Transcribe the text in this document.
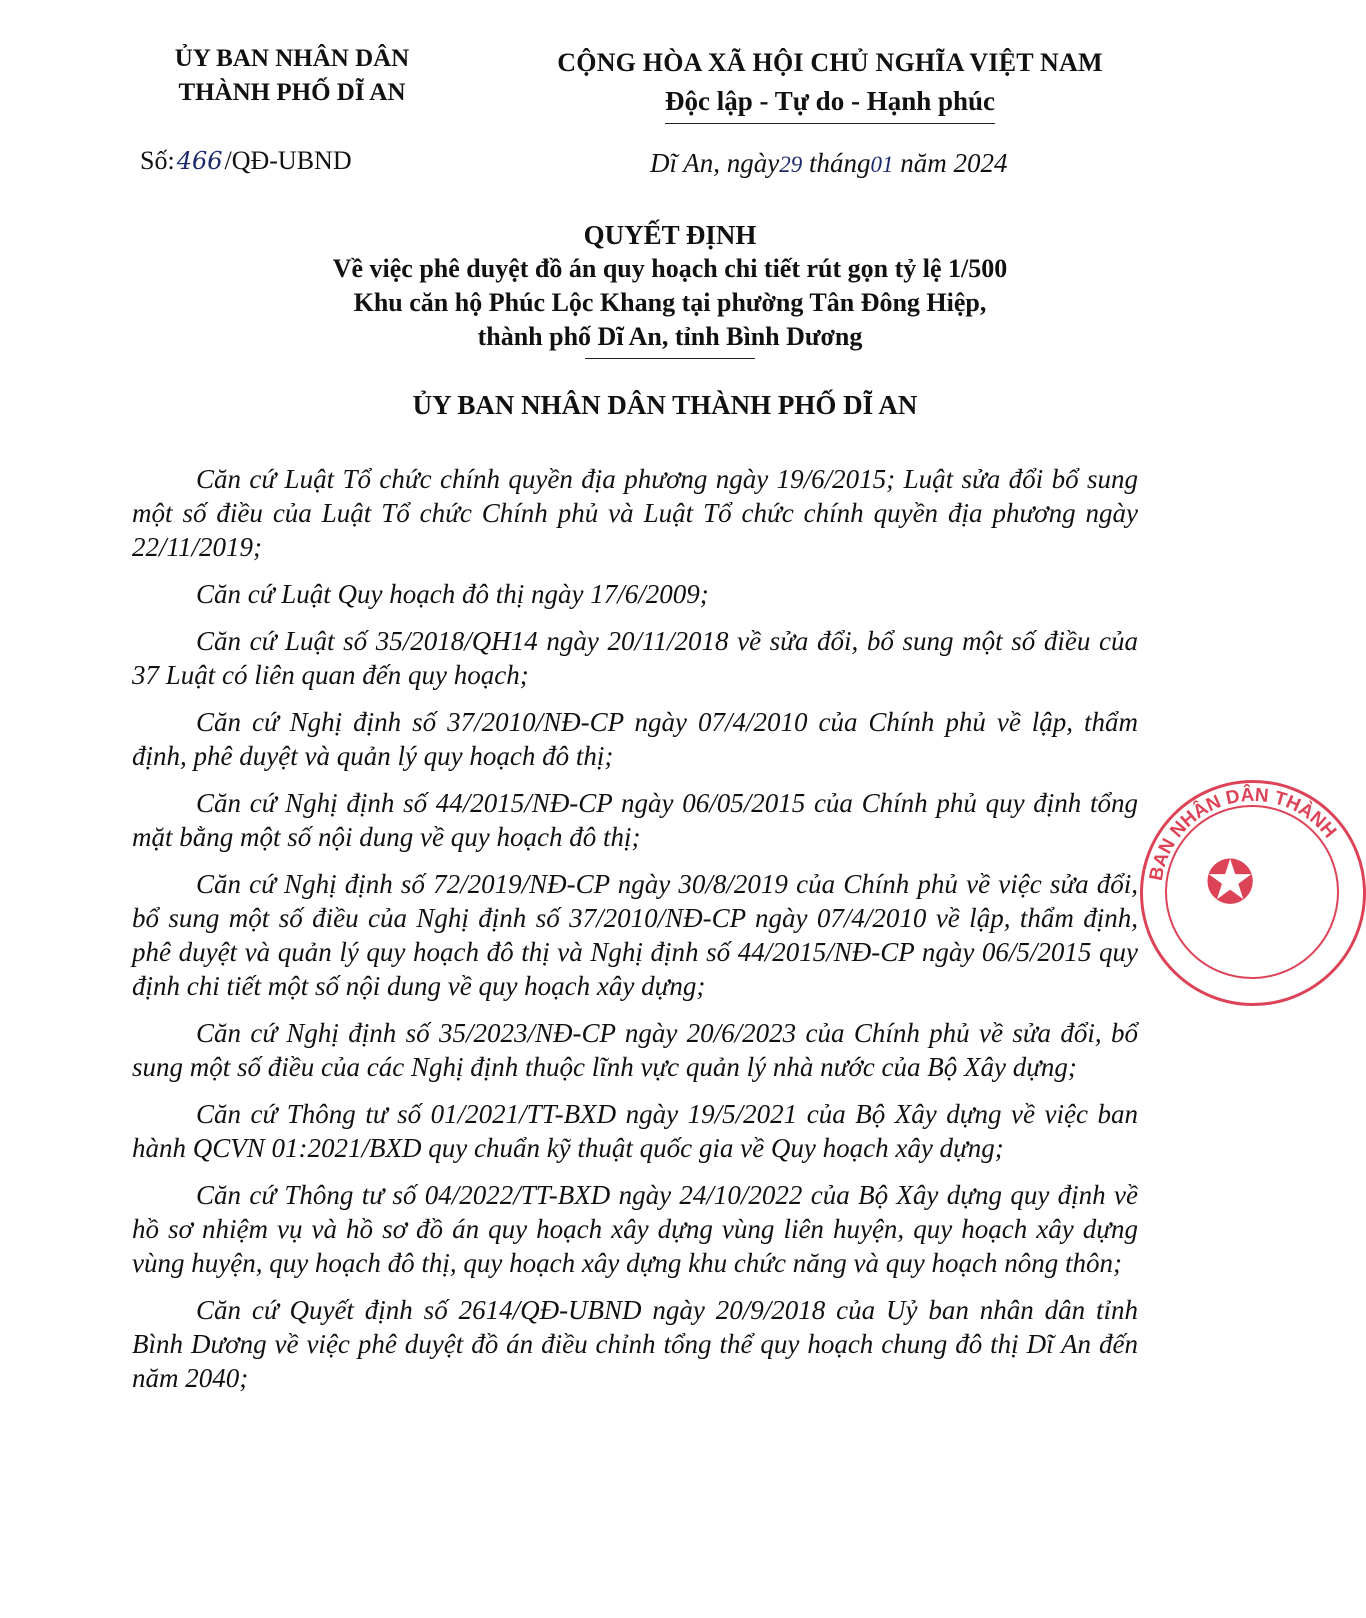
ỦY BAN NHÂN DÂN
THÀNH PHỐ DĨ AN
CỘNG HÒA XÃ HỘI CHỦ NGHĨA VIỆT NAM
Độc lập - Tự do - Hạnh phúc
Số:466/QĐ-UBND	Dĩ An, ngày29 tháng01 năm 2024
QUYẾT ĐỊNH
Về việc phê duyệt đồ án quy hoạch chi tiết rút gọn tỷ lệ 1/500
Khu căn hộ Phúc Lộc Khang tại phường Tân Đông Hiệp,
thành phố Dĩ An, tỉnh Bình Dương
ỦY BAN NHÂN DÂN THÀNH PHỐ DĨ AN

Căn cứ Luật Tổ chức chính quyền địa phương ngày 19/6/2015; Luật sửa đổi bổ sung một số điều của Luật Tổ chức Chính phủ và Luật Tổ chức chính quyền địa phương ngày 22/11/2019;

Căn cứ Luật Quy hoạch đô thị ngày 17/6/2009;

Căn cứ Luật số 35/2018/QH14 ngày 20/11/2018 về sửa đổi, bổ sung một số điều của 37 Luật có liên quan đến quy hoạch;

Căn cứ Nghị định số 37/2010/NĐ-CP ngày 07/4/2010 của Chính phủ về lập, thẩm định, phê duyệt và quản lý quy hoạch đô thị;

Căn cứ Nghị định số 44/2015/NĐ-CP ngày 06/05/2015 của Chính phủ quy định tổng mặt bằng một số nội dung về quy hoạch đô thị;

Căn cứ Nghị định số 72/2019/NĐ-CP ngày 30/8/2019 của Chính phủ về việc sửa đổi, bổ sung một số điều của Nghị định số 37/2010/NĐ-CP ngày 07/4/2010 về lập, thẩm định, phê duyệt và quản lý quy hoạch đô thị và Nghị định số 44/2015/NĐ-CP ngày 06/5/2015 quy định chi tiết một số nội dung về quy hoạch xây dựng;

Căn cứ Nghị định số 35/2023/NĐ-CP ngày 20/6/2023 của Chính phủ về sửa đổi, bổ sung một số điều của các Nghị định thuộc lĩnh vực quản lý nhà nước của Bộ Xây dựng;

Căn cứ Thông tư số 01/2021/TT-BXD ngày 19/5/2021 của Bộ Xây dựng về việc ban hành QCVN 01:2021/BXD quy chuẩn kỹ thuật quốc gia về Quy hoạch xây dựng;

Căn cứ Thông tư số 04/2022/TT-BXD ngày 24/10/2022 của Bộ Xây dựng quy định về hồ sơ nhiệm vụ và hồ sơ đồ án quy hoạch xây dựng vùng liên huyện, quy hoạch xây dựng vùng huyện, quy hoạch đô thị, quy hoạch xây dựng khu chức năng và quy hoạch nông thôn;

Căn cứ Quyết định số 2614/QĐ-UBND ngày 20/9/2018 của Uỷ ban nhân dân tỉnh Bình Dương về việc phê duyệt đồ án điều chỉnh tổng thể quy hoạch chung đô thị Dĩ An đến năm 2040;

BAN NHÂN DÂN THÀNH
✪
